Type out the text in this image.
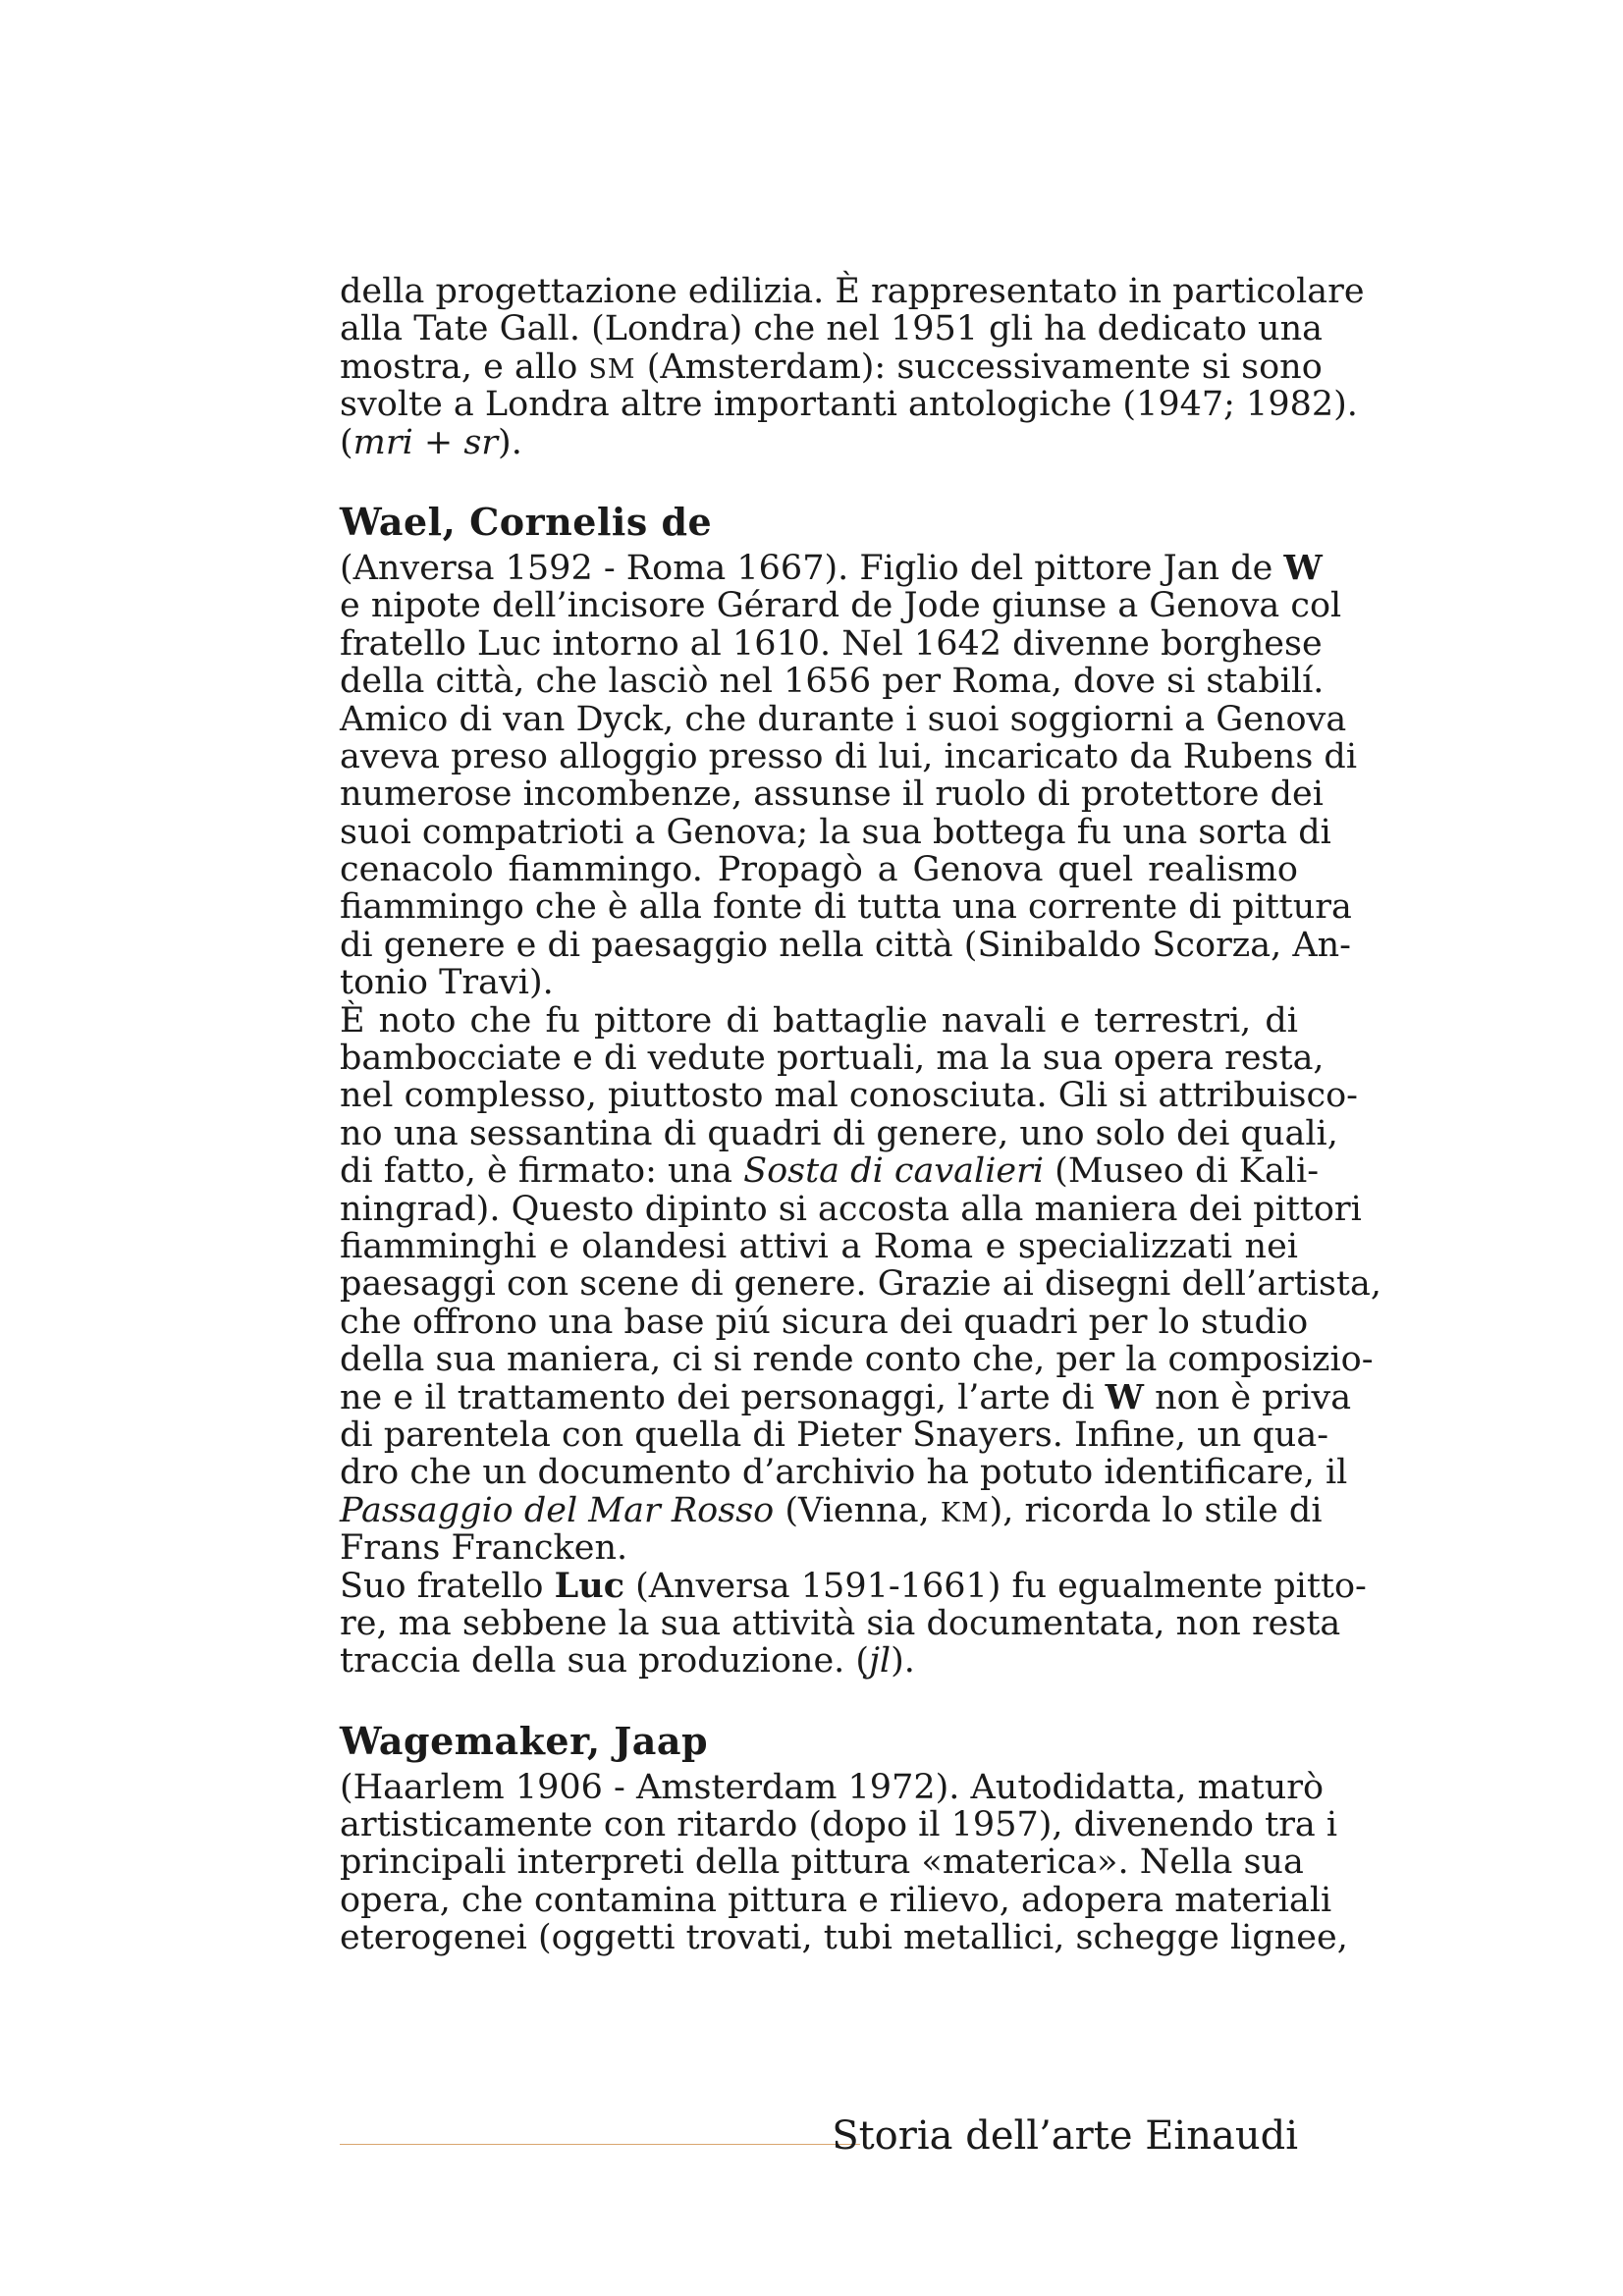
della progettazione edilizia. È rappresentato in particolare
alla Tate Gall. (Londra) che nel 1951 gli ha dedicato una
mostra, e allo SM (Amsterdam): successivamente si sono
svolte a Londra altre importanti antologiche (1947; 1982).
(mri + sr).
Wael, Cornelis de
(Anversa 1592 - Roma 1667). Figlio del pittore Jan de W
e nipote dell’incisore Gérard de Jode giunse a Genova col
fratello Luc intorno al 1610. Nel 1642 divenne borghese
della città, che lasciò nel 1656 per Roma, dove si stabilí.
Amico di van Dyck, che durante i suoi soggiorni a Genova
aveva preso alloggio presso di lui, incaricato da Rubens di
numerose incombenze, assunse il ruolo di protettore dei
suoi compatrioti a Genova; la sua bottega fu una sorta di
cenacolo fiammingo. Propagò a Genova quel realismo
fiammingo che è alla fonte di tutta una corrente di pittura
di genere e di paesaggio nella città (Sinibaldo Scorza, An-
tonio Travi).
È noto che fu pittore di battaglie navali e terrestri, di
bambocciate e di vedute portuali, ma la sua opera resta,
nel complesso, piuttosto mal conosciuta. Gli si attribuisco-
no una sessantina di quadri di genere, uno solo dei quali,
di fatto, è firmato: una Sosta di cavalieri (Museo di Kali-
ningrad). Questo dipinto si accosta alla maniera dei pittori
fiamminghi e olandesi attivi a Roma e specializzati nei
paesaggi con scene di genere. Grazie ai disegni dell’artista,
che offrono una base piú sicura dei quadri per lo studio
della sua maniera, ci si rende conto che, per la composizio-
ne e il trattamento dei personaggi, l’arte di W non è priva
di parentela con quella di Pieter Snayers. Infine, un qua-
dro che un documento d’archivio ha potuto identificare, il
Passaggio del Mar Rosso (Vienna, KM), ricorda lo stile di
Frans Francken.
Suo fratello Luc (Anversa 1591-1661) fu egualmente pitto-
re, ma sebbene la sua attività sia documentata, non resta
traccia della sua produzione. (jl).
Wagemaker, Jaap
(Haarlem 1906 - Amsterdam 1972). Autodidatta, maturò
artisticamente con ritardo (dopo il 1957), divenendo tra i
principali interpreti della pittura «materica». Nella sua
opera, che contamina pittura e rilievo, adopera materiali
eterogenei (oggetti trovati, tubi metallici, schegge lignee,
Storia dell’arte Einaudi
